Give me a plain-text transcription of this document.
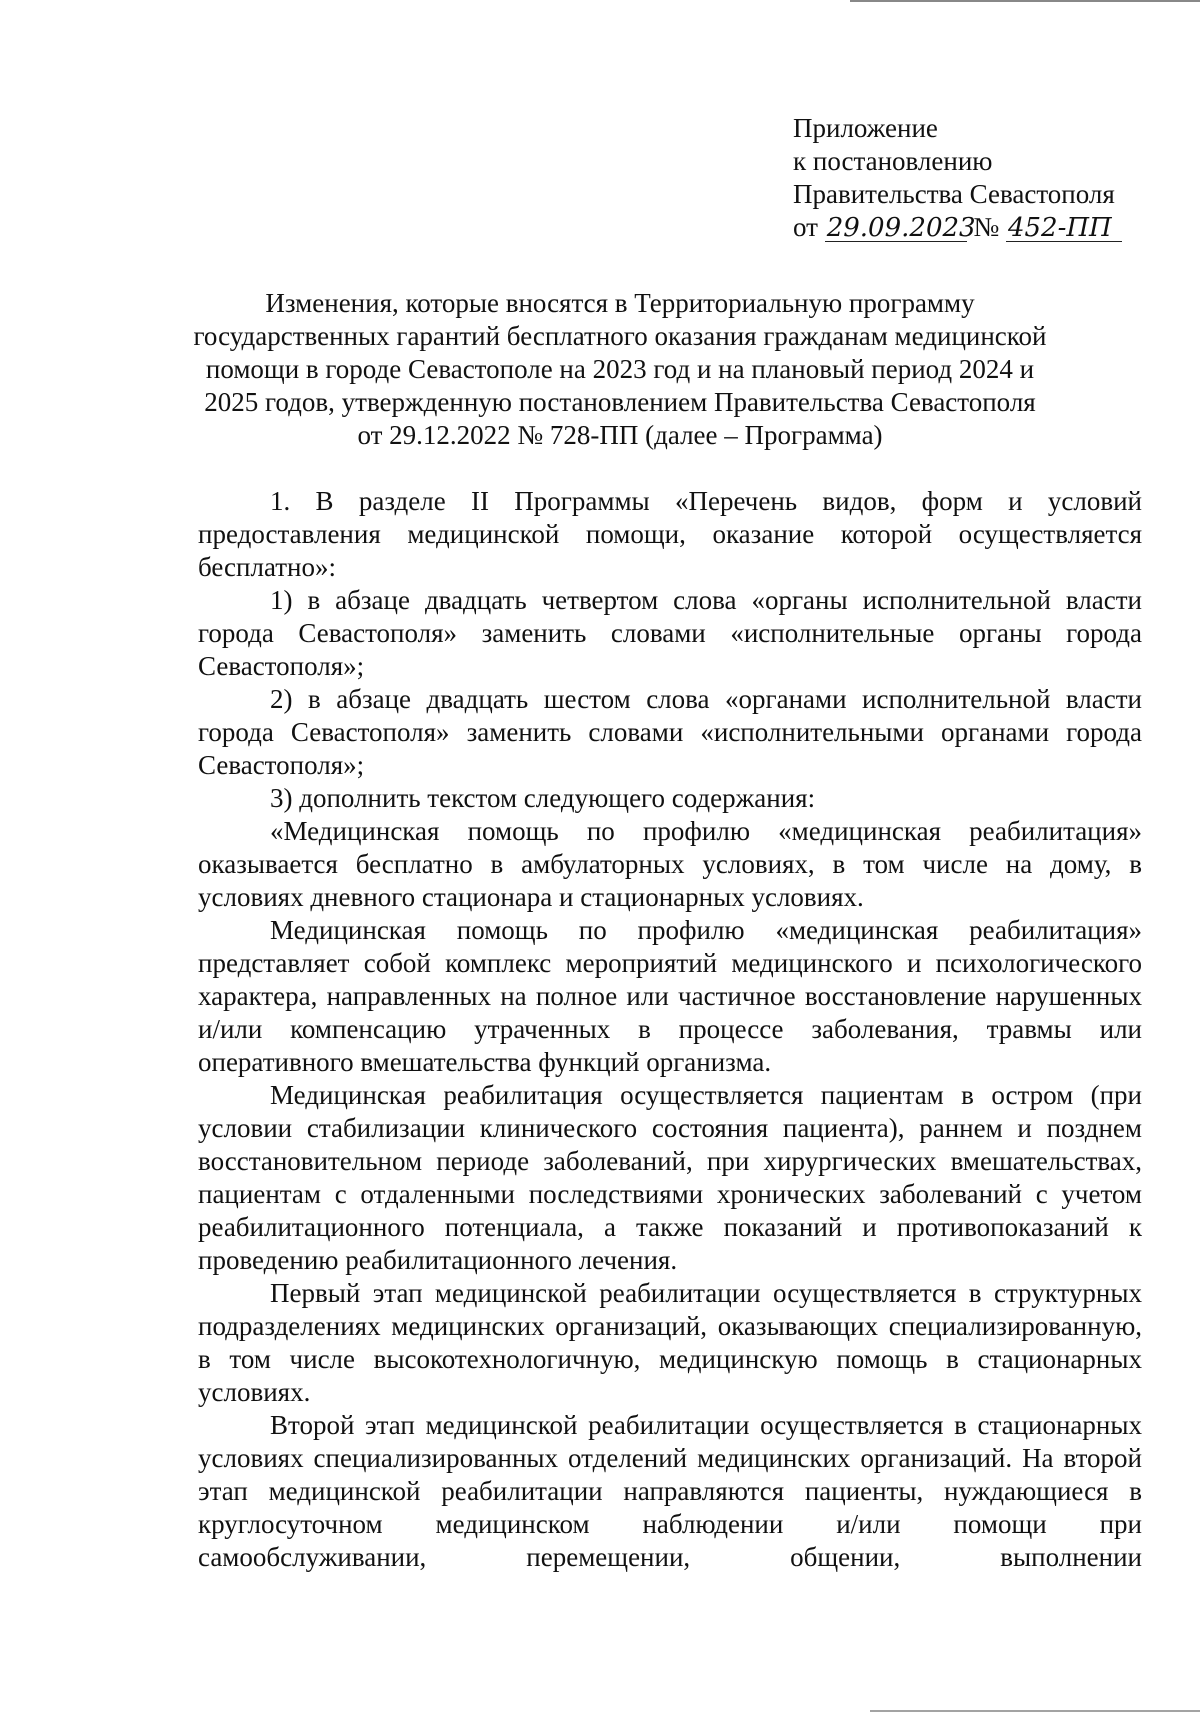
Приложение
к постановлению
Правительства Севастополя
от 29.09.2023 № 452-ПП
Изменения, которые вносятся в Территориальную программу
государственных гарантий бесплатного оказания гражданам медицинской
помощи в городе Севастополе на 2023 год и на плановый период 2024 и
2025 годов, утвержденную постановлением Правительства Севастополя
от 29.12.2022 № 728-ПП (далее – Программа)

1. В разделе II Программы «Перечень видов, форм и условий предоставления медицинской помощи, оказание которой осуществляется бесплатно»:

1) в абзаце двадцать четвертом слова «органы исполнительной власти города Севастополя» заменить словами «исполнительные органы города Севастополя»;

2) в абзаце двадцать шестом слова «органами исполнительной власти города Севастополя» заменить словами «исполнительными органами города Севастополя»;

3) дополнить текстом следующего содержания:

«Медицинская помощь по профилю «медицинская реабилитация» оказывается бесплатно в амбулаторных условиях, в том числе на дому, в условиях дневного стационара и стационарных условиях.

Медицинская помощь по профилю «медицинская реабилитация» представляет собой комплекс мероприятий медицинского и психологического характера, направленных на полное или частичное восстановление нарушенных и/или компенсацию утраченных в процессе заболевания, травмы или оперативного вмешательства функций организма.

Медицинская реабилитация осуществляется пациентам в остром (при условии стабилизации клинического состояния пациента), раннем и позднем восстановительном периоде заболеваний, при хирургических вмешательствах, пациентам с отдаленными последствиями хронических заболеваний с учетом реабилитационного потенциала, а также показаний и противопоказаний к проведению реабилитационного лечения.

Первый этап медицинской реабилитации осуществляется в структурных подразделениях медицинских организаций, оказывающих специализированную, в том числе высокотехнологичную, медицинскую помощь в стационарных условиях.

Второй этап медицинской реабилитации осуществляется в стационарных условиях специализированных отделений медицинских организаций. На второй этап медицинской реабилитации направляются пациенты, нуждающиеся в круглосуточном медицинском наблюдении и/или помощи при самообслуживании, перемещении, общении, выполнении
